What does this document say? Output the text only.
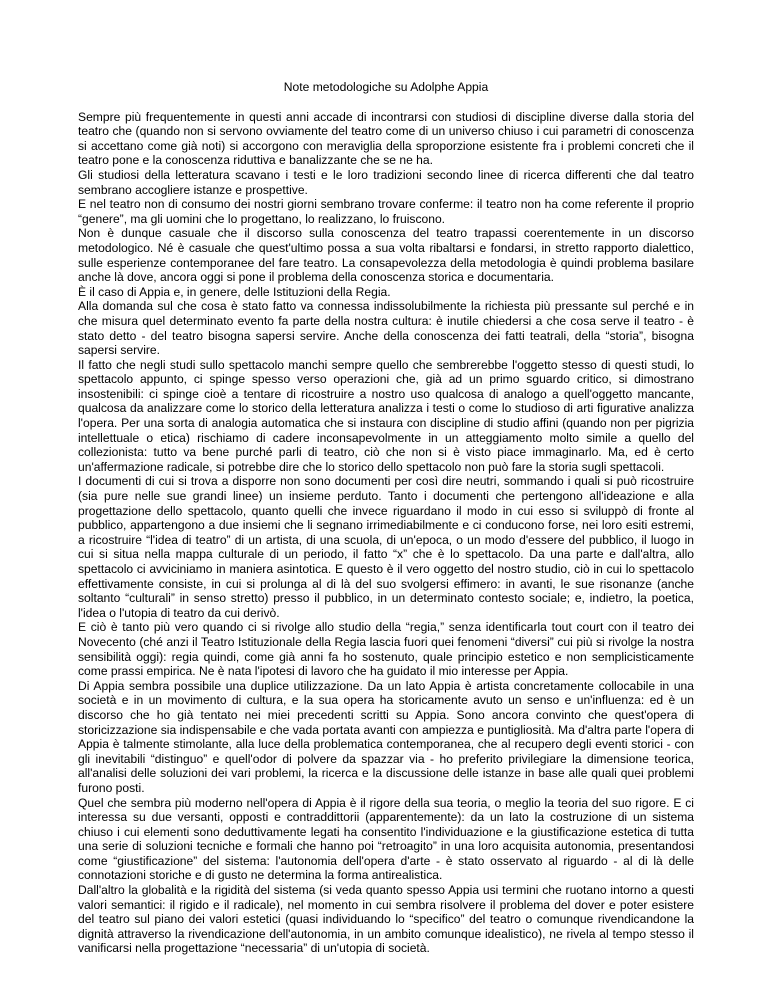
Note metodologiche su Adolphe Appia

Sempre più frequentemente in questi anni accade di incontrarsi con studiosi di discipline diverse dalla storia del teatro che (quando non si servono ovviamente del teatro come di un universo chiuso i cui parametri di conoscenza si accettano come già noti) si accorgono con meraviglia della sproporzione esistente fra i problemi concreti che il teatro pone e la conoscenza riduttiva e banalizzante che se ne ha.

Gli studiosi della letteratura scavano i testi e le loro tradizioni secondo linee di ricerca differenti che dal teatro sembrano accogliere istanze e prospettive.

E nel teatro non di consumo dei nostri giorni sembrano trovare conferme: il teatro non ha come referente il proprio “genere”, ma gli uomini che lo progettano, lo realizzano, lo fruiscono.

Non è dunque casuale che il discorso sulla conoscenza del teatro trapassi coerentemente in un discorso metodologico. Né è casuale che quest'ultimo possa a sua volta ribaltarsi e fondarsi, in stretto rapporto dialettico, sulle esperienze contemporanee del fare teatro. La consapevolezza della metodologia è quindi problema basilare anche là dove, ancora oggi si pone il problema della conoscenza storica e documentaria.

È il caso di Appia e, in genere, delle Istituzioni della Regia.

Alla domanda sul che cosa è stato fatto va connessa indissolubilmente la richiesta più pressante sul perché e in che misura quel determinato evento fa parte della nostra cultura: è inutile chiedersi a che cosa serve il teatro - è stato detto - del teatro bisogna sapersi servire. Anche della conoscenza dei fatti teatrali, della “storia”, bisogna sapersi servire.

Il fatto che negli studi sullo spettacolo manchi sempre quello che sembrerebbe l'oggetto stesso di questi studi, lo spettacolo appunto, ci spinge spesso verso operazioni che, già ad un primo sguardo critico, si dimostrano insostenibili: ci spinge cioè a tentare di ricostruire a nostro uso qualcosa di analogo a quell'oggetto mancante, qualcosa da analizzare come lo storico della letteratura analizza i testi o come lo studioso di arti figurative analizza l'opera. Per una sorta di analogia automatica che si instaura con discipline di studio affini (quando non per pigrizia intellettuale o etica) rischiamo di cadere inconsapevolmente in un atteggiamento molto simile a quello del collezionista: tutto va bene purché parli di teatro, ciò che non si è visto piace immaginarlo. Ma, ed è certo un'affermazione radicale, si potrebbe dire che lo storico dello spettacolo non può fare la storia sugli spettacoli.

I documenti di cui si trova a disporre non sono documenti per così dire neutri, sommando i quali si può ricostruire (sia pure nelle sue grandi linee) un insieme perduto. Tanto i documenti che pertengono all'ideazione e alla progettazione dello spettacolo, quanto quelli che invece riguardano il modo in cui esso si sviluppò di fronte al pubblico, appartengono a due insiemi che li segnano irrimediabilmente e ci conducono forse, nei loro esiti estremi, a ricostruire “l'idea di teatro” di un artista, di una scuola, di un'epoca, o un modo d'essere del pubblico, il luogo in cui si situa nella mappa culturale di un periodo, il fatto “x” che è lo spettacolo. Da una parte e dall'altra, allo spettacolo ci avviciniamo in maniera asintotica. E questo è il vero oggetto del nostro studio, ciò in cui lo spettacolo effettivamente consiste, in cui si prolunga al di là del suo svolgersi effimero: in avanti, le sue risonanze (anche soltanto “culturali” in senso stretto) presso il pubblico, in un determinato contesto sociale; e, indietro, la poetica, l'idea o l'utopia di teatro da cui derivò.

E ciò è tanto più vero quando ci si rivolge allo studio della “regia,” senza identificarla tout court con il teatro dei Novecento (ché anzi il Teatro Istituzionale della Regia lascia fuori quei fenomeni “diversi” cui più si rivolge la nostra sensibilità oggi): regia quindi, come già anni fa ho sostenuto, quale principio estetico e non semplicisticamente come prassi empirica. Ne è nata l'ipotesi di lavoro che ha guidato il mio interesse per Appia.

Di Appia sembra possibile una duplice utilizzazione. Da un lato Appia è artista concretamente collocabile in una società e in un movimento di cultura, e la sua opera ha storicamente avuto un senso e un'influenza: ed è un discorso che ho già tentato nei miei precedenti scritti su Appia. Sono ancora convinto che quest'opera di storicizzazione sia indispensabile e che vada portata avanti con ampiezza e puntigliosità. Ma d'altra parte l'opera di Appia è talmente stimolante, alla luce della problematica contemporanea, che al recupero degli eventi storici - con gli inevitabili “distinguo” e quell'odor di polvere da spazzar via - ho preferito privilegiare la dimensione teorica, all'analisi delle soluzioni dei vari problemi, la ricerca e la discussione delle istanze in base alle quali quei problemi furono posti.

Quel che sembra più moderno nell'opera di Appia è il rigore della sua teoria, o meglio la teoria del suo rigore. E ci interessa su due versanti, opposti e contraddittorii (apparentemente): da un lato la costruzione di un sistema chiuso i cui elementi sono deduttivamente legati ha consentito l'individuazione e la giustificazione estetica di tutta una serie di soluzioni tecniche e formali che hanno poi “retroagito” in una loro acquisita autonomia, presentandosi come “giustificazione” del sistema: l'autonomia dell'opera d'arte - è stato osservato al riguardo - al di là delle connotazioni storiche e di gusto ne determina la forma antirealistica.

Dall'altro la globalità e la rigidità del sistema (si veda quanto spesso Appia usi termini che ruotano intorno a questi valori semantici: il rigido e il radicale), nel momento in cui sembra risolvere il problema del dover e poter esistere del teatro sul piano dei valori estetici (quasi individuando lo “specifico” del teatro o comunque rivendicandone la dignità attraverso la rivendicazione dell'autonomia, in un ambito comunque idealistico), ne rivela al tempo stesso il vanificarsi nella progettazione “necessaria” di un'utopia di società.
